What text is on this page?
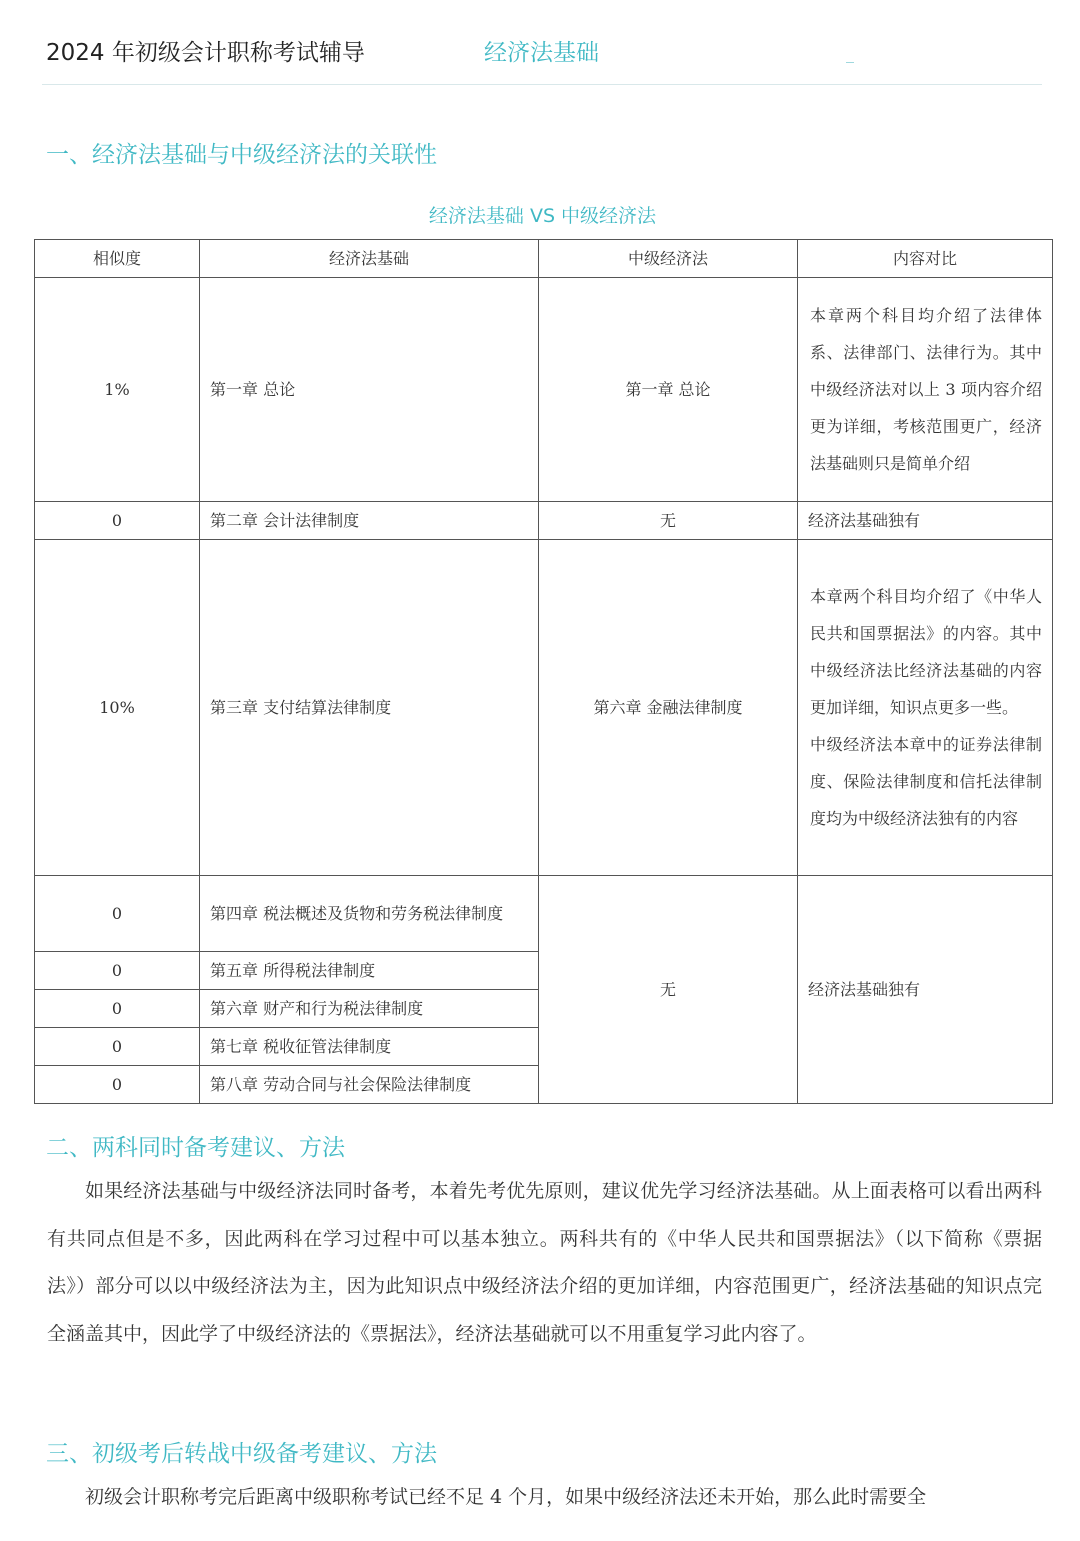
2024 年初级会计职称考试辅导	经济法基础
一、经济法基础与中级经济法的关联性
经济法基础 VS 中级经济法
相似度	经济法基础	中级经济法	内容对比
1%	第一章 总论	第一章 总论	本章两个科目均介绍了法律体系、法律部门、法律行为。其中中级经济法对以上 3 项内容介绍更为详细，考核范围更广，经济法基础则只是简单介绍

0	第二章 会计法律制度	无	经济法基础独有
10%	第三章 支付结算法律制度	第六章 金融法律制度	本章两个科目均介绍了《中华人民共和国票据法》的内容。其中中级经济法比经济法基础的内容更加详细，知识点更多一些。

中级经济法本章中的证券法律制度、保险法律制度和信托法律制度均为中级经济法独有的内容

0	第四章 税法概述及货物和劳务税法律制度	无	经济法基础独有
0	第五章 所得税法律制度		
0	第六章 财产和行为税法律制度		
0	第七章 税收征管法律制度		
0	第八章 劳动合同与社会保险法律制度		
二、两科同时备考建议、方法

如果经济法基础与中级经济法同时备考，本着先考优先原则，建议优先学习经济法基础。从上面表格可以看出两科有共同点但是不多，因此两科在学习过程中可以基本独立。两科共有的《中华人民共和国票据法》（以下简称《票据法》）部分可以以中级经济法为主，因为此知识点中级经济法介绍的更加详细，内容范围更广，经济法基础的知识点完全涵盖其中，因此学了中级经济法的《票据法》，经济法基础就可以不用重复学习此内容了。

三、初级考后转战中级备考建议、方法

初级会计职称考完后距离中级职称考试已经不足 4 个月，如果中级经济法还未开始，那么此时需要全
